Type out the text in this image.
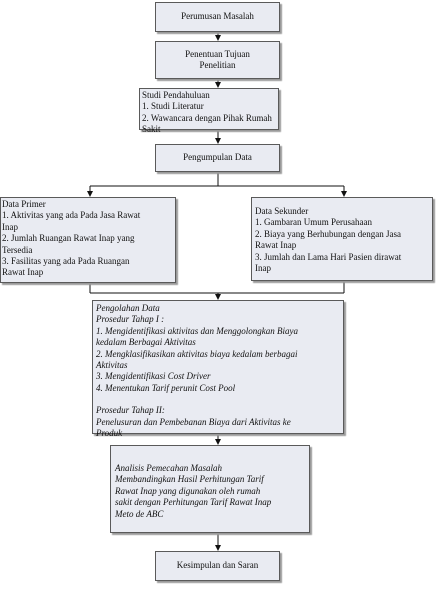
Perumusan Masalah
Penentuan Tujuan
Penelitian
Studi Pendahuluan
1. Studi Literatur
2. Wawancara dengan Pihak Rumah
Sakit
Pengumpulan Data
Data Primer
1. Aktivitas yang ada Pada Jasa Rawat
Inap
2. Jumlah Ruangan Rawat Inap yang
Tersedia
3. Fasilitas yang ada Pada Ruangan
Rawat Inap
Data Sekunder
1. Gambaran Umum Perusahaan
2. Biaya yang Berhubungan dengan Jasa
Rawat Inap
3. Jumlah dan Lama Hari Pasien dirawat
Inap
Pengolahan Data
Prosedur Tahap I :
1. Mengidentifikasi aktivitas dan Menggolongkan Biaya
kedalam Berbagai Aktivitas
2. Mengklasifikasikan aktivitas biaya kedalam berbagai
Aktivitas
3. Mengidentifikasi Cost Driver
4. Menentukan Tarif perunit Cost Pool
Prosedur Tahap II:
Penelusuran dan Pembebanan Biaya dari Aktivitas ke
Produk
Analisis Pemecahan Masalah
Membandingkan Hasil Perhitungan Tarif
Rawat Inap yang digunakan oleh rumah
sakit dengan Perhitungan Tarif Rawat Inap
Meto de ABC
Kesimpulan dan Saran
